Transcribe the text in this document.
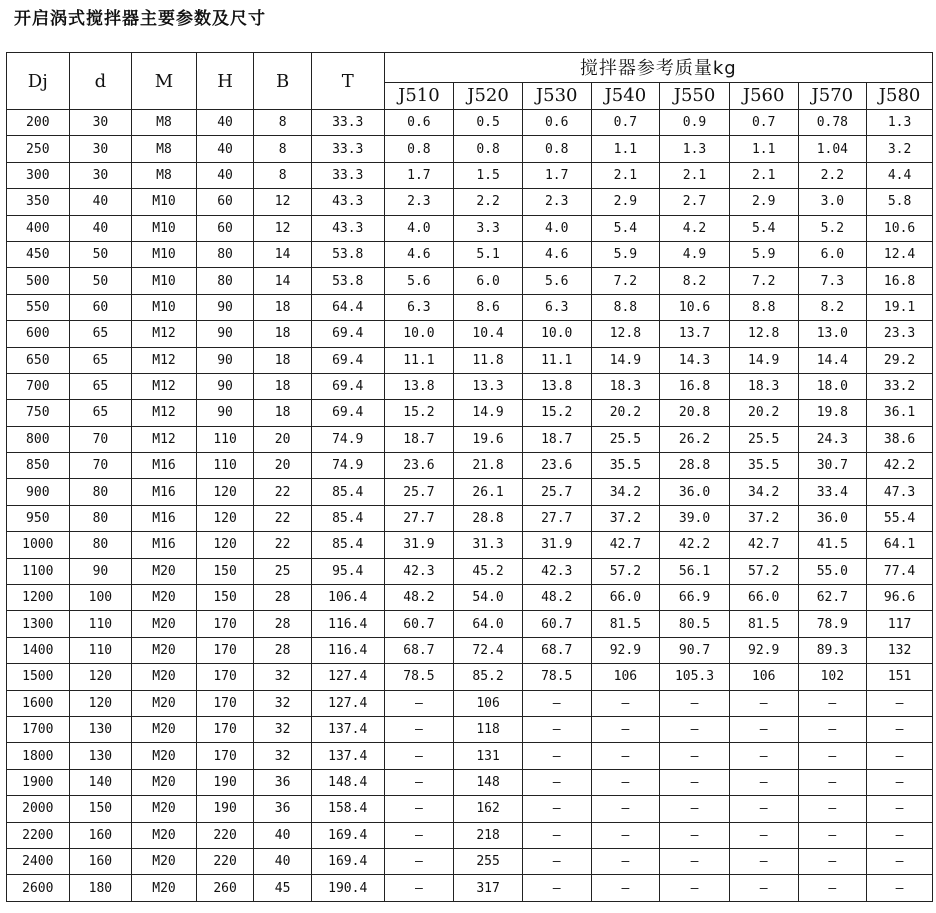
开启涡式搅拌器主要参数及尺寸
Dj	d	M	H	B	T	搅拌器参考质量kg							
						J510	J520	J530	J540	J550	J560	J570	J580
200	30	M8	40	8	33.3	0.6	0.5	0.6	0.7	0.9	0.7	0.78	1.3
250	30	M8	40	8	33.3	0.8	0.8	0.8	1.1	1.3	1.1	1.04	3.2
300	30	M8	40	8	33.3	1.7	1.5	1.7	2.1	2.1	2.1	2.2	4.4
350	40	M10	60	12	43.3	2.3	2.2	2.3	2.9	2.7	2.9	3.0	5.8
400	40	M10	60	12	43.3	4.0	3.3	4.0	5.4	4.2	5.4	5.2	10.6
450	50	M10	80	14	53.8	4.6	5.1	4.6	5.9	4.9	5.9	6.0	12.4
500	50	M10	80	14	53.8	5.6	6.0	5.6	7.2	8.2	7.2	7.3	16.8
550	60	M10	90	18	64.4	6.3	8.6	6.3	8.8	10.6	8.8	8.2	19.1
600	65	M12	90	18	69.4	10.0	10.4	10.0	12.8	13.7	12.8	13.0	23.3
650	65	M12	90	18	69.4	11.1	11.8	11.1	14.9	14.3	14.9	14.4	29.2
700	65	M12	90	18	69.4	13.8	13.3	13.8	18.3	16.8	18.3	18.0	33.2
750	65	M12	90	18	69.4	15.2	14.9	15.2	20.2	20.8	20.2	19.8	36.1
800	70	M12	110	20	74.9	18.7	19.6	18.7	25.5	26.2	25.5	24.3	38.6
850	70	M16	110	20	74.9	23.6	21.8	23.6	35.5	28.8	35.5	30.7	42.2
900	80	M16	120	22	85.4	25.7	26.1	25.7	34.2	36.0	34.2	33.4	47.3
950	80	M16	120	22	85.4	27.7	28.8	27.7	37.2	39.0	37.2	36.0	55.4
1000	80	M16	120	22	85.4	31.9	31.3	31.9	42.7	42.2	42.7	41.5	64.1
1100	90	M20	150	25	95.4	42.3	45.2	42.3	57.2	56.1	57.2	55.0	77.4
1200	100	M20	150	28	106.4	48.2	54.0	48.2	66.0	66.9	66.0	62.7	96.6
1300	110	M20	170	28	116.4	60.7	64.0	60.7	81.5	80.5	81.5	78.9	117
1400	110	M20	170	28	116.4	68.7	72.4	68.7	92.9	90.7	92.9	89.3	132
1500	120	M20	170	32	127.4	78.5	85.2	78.5	106	105.3	106	102	151
1600	120	M20	170	32	127.4	–	106	–	–	–	–	–	–
1700	130	M20	170	32	137.4	–	118	–	–	–	–	–	–
1800	130	M20	170	32	137.4	–	131	–	–	–	–	–	–
1900	140	M20	190	36	148.4	–	148	–	–	–	–	–	–
2000	150	M20	190	36	158.4	–	162	–	–	–	–	–	–
2200	160	M20	220	40	169.4	–	218	–	–	–	–	–	–
2400	160	M20	220	40	169.4	–	255	–	–	–	–	–	–
2600	180	M20	260	45	190.4	–	317	–	–	–	–	–	–
